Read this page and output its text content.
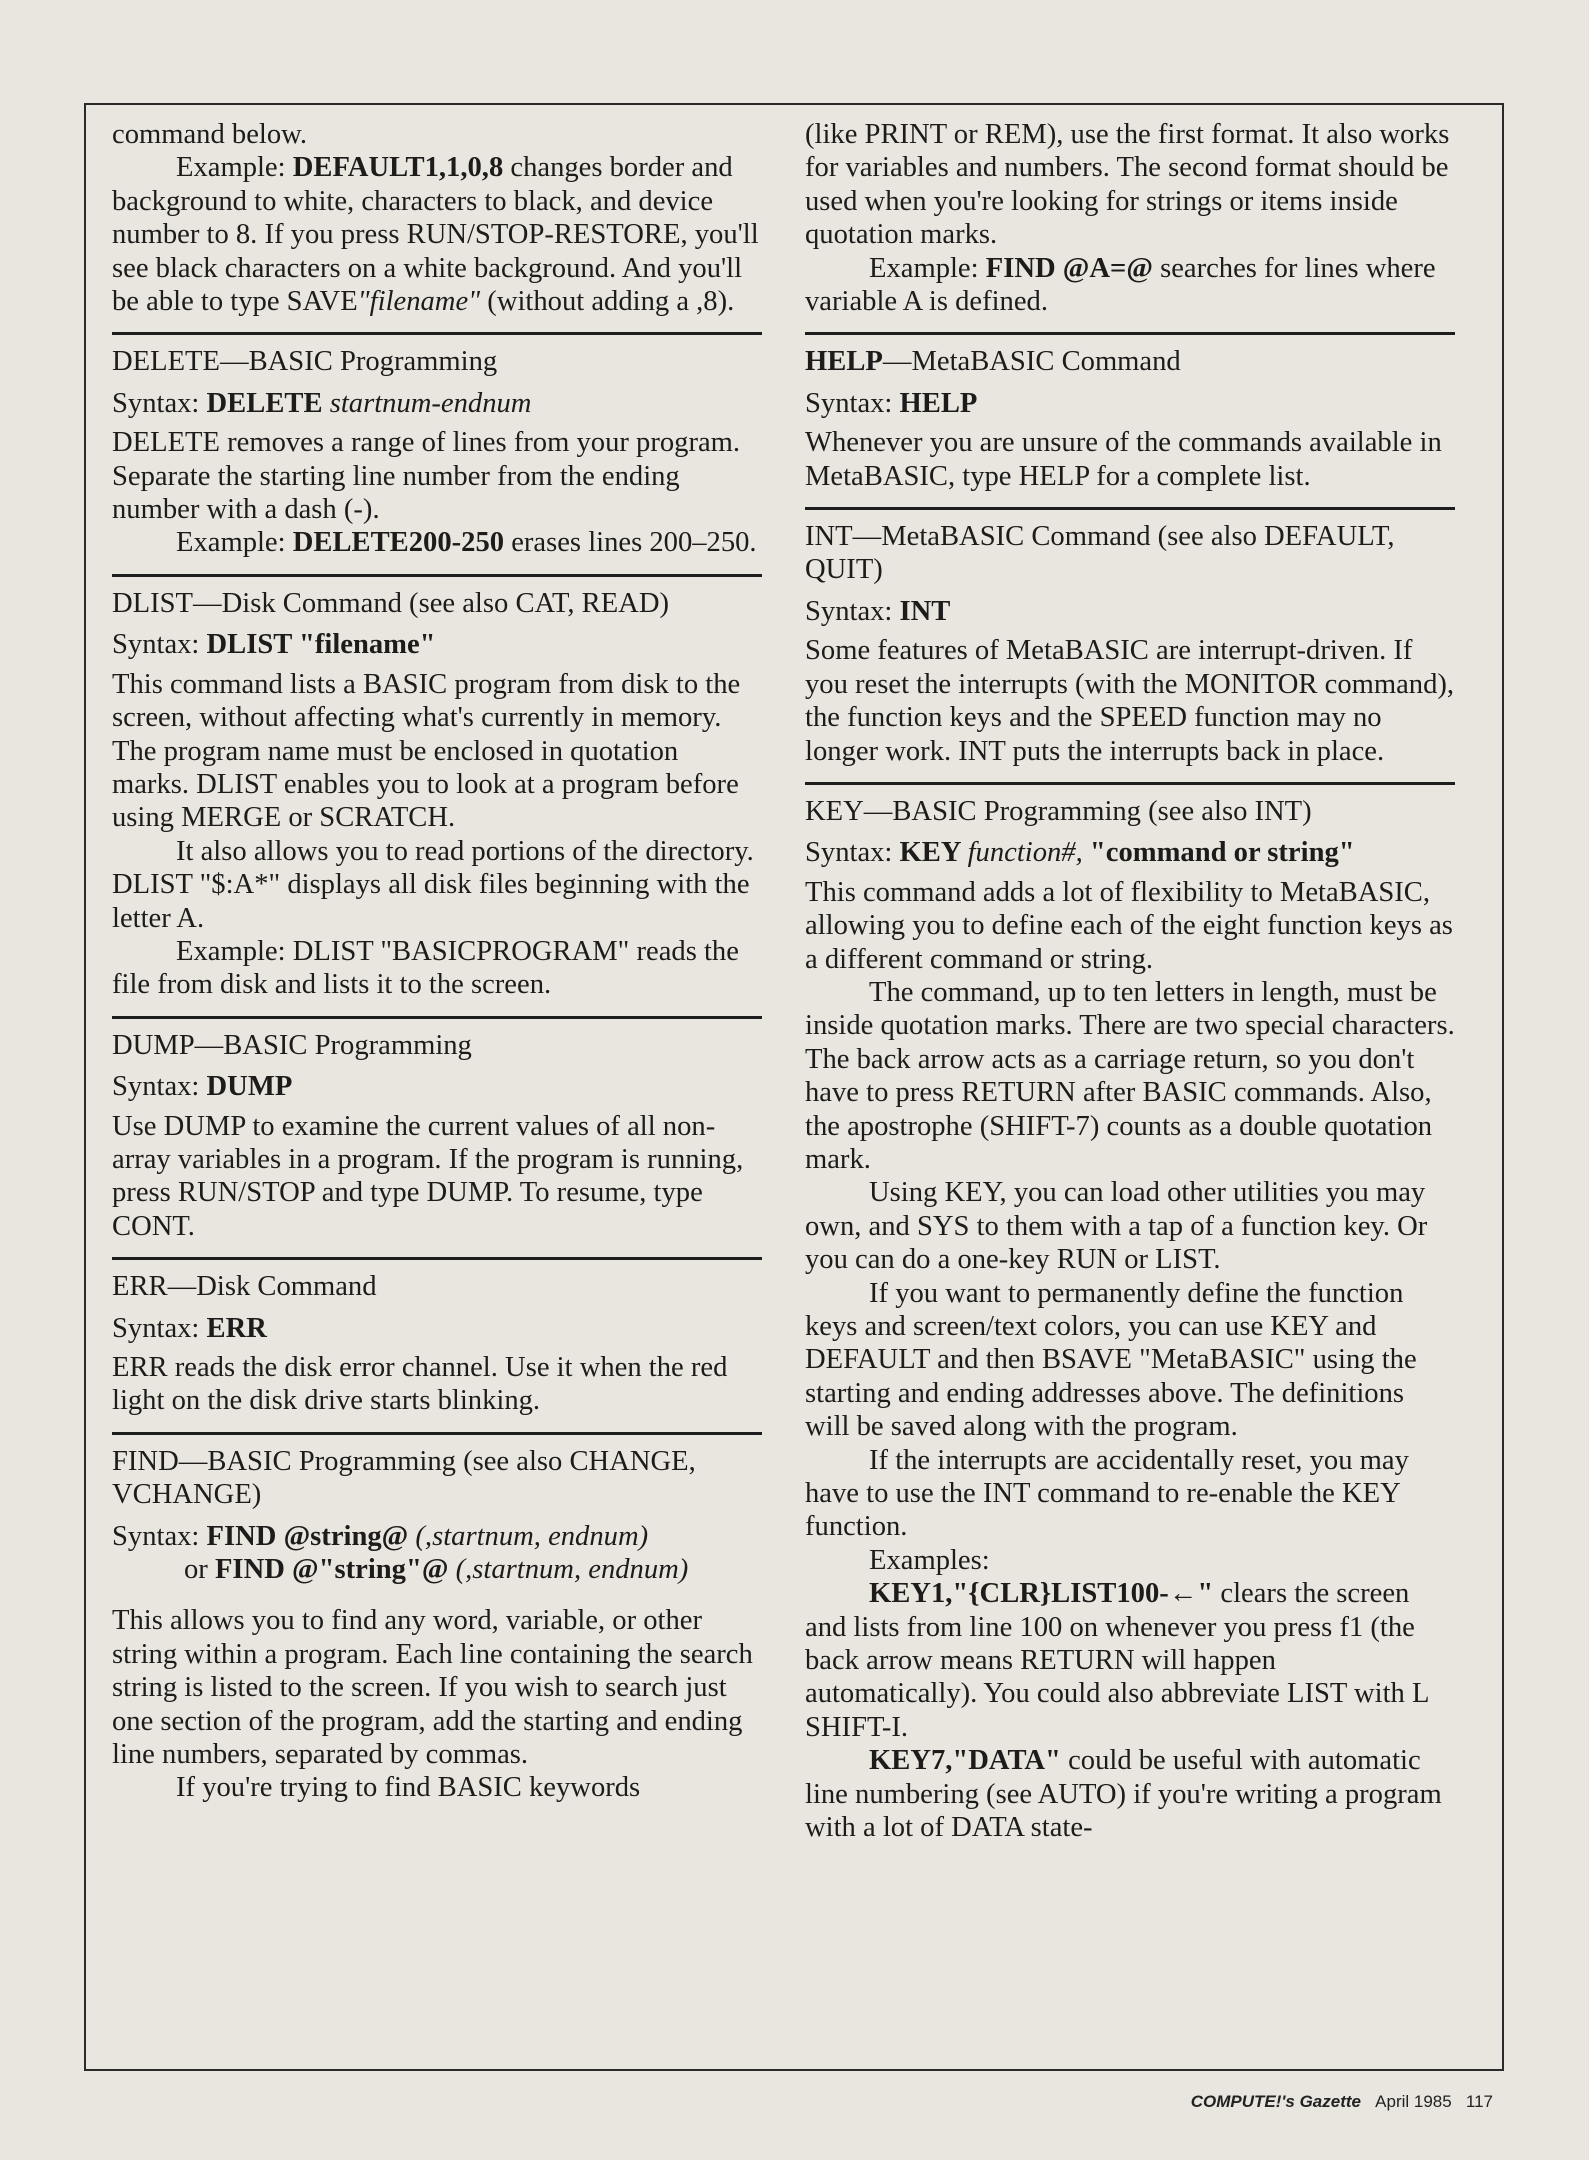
command below.

Example: DEFAULT1,1,0,8 changes border and background to white, characters to black, and device number to 8. If you press RUN/STOP-RESTORE, you'll see black characters on a white background. And you'll be able to type SAVE"filename" (without adding a ,8).

DELETE—BASIC Programming

Syntax: DELETE startnum-endnum

DELETE removes a range of lines from your program. Separate the starting line number from the ending number with a dash (-).

Example: DELETE200-250 erases lines 200–250.

DLIST—Disk Command (see also CAT, READ)

Syntax: DLIST "filename"

This command lists a BASIC program from disk to the screen, without affecting what's currently in memory. The program name must be enclosed in quotation marks. DLIST enables you to look at a program before using MERGE or SCRATCH.

It also allows you to read portions of the directory. DLIST "$:A*" displays all disk files beginning with the letter A.

Example: DLIST "BASICPROGRAM" reads the file from disk and lists it to the screen.

DUMP—BASIC Programming

Syntax: DUMP

Use DUMP to examine the current values of all non-array variables in a program. If the program is running, press RUN/STOP and type DUMP. To resume, type CONT.

ERR—Disk Command

Syntax: ERR

ERR reads the disk error channel. Use it when the red light on the disk drive starts blinking.

FIND—BASIC Programming (see also CHANGE, VCHANGE)

Syntax: FIND @string@ (,startnum, endnum)

or FIND @"string"@ (,startnum, endnum)

This allows you to find any word, variable, or other string within a program. Each line containing the search string is listed to the screen. If you wish to search just one section of the program, add the starting and ending line numbers, separated by commas.

If you're trying to find BASIC keywords

(like PRINT or REM), use the first format. It also works for variables and numbers. The second format should be used when you're looking for strings or items inside quotation marks.

Example: FIND @A=@ searches for lines where variable A is defined.

HELP—MetaBASIC Command

Syntax: HELP

Whenever you are unsure of the commands available in MetaBASIC, type HELP for a complete list.

INT—MetaBASIC Command (see also DEFAULT, QUIT)

Syntax: INT

Some features of MetaBASIC are interrupt-driven. If you reset the interrupts (with the MONITOR command), the function keys and the SPEED function may no longer work. INT puts the interrupts back in place.

KEY—BASIC Programming (see also INT)

Syntax: KEY function#, "command or string"

This command adds a lot of flexibility to MetaBASIC, allowing you to define each of the eight function keys as a different command or string.

The command, up to ten letters in length, must be inside quotation marks. There are two special characters. The back arrow acts as a carriage return, so you don't have to press RETURN after BASIC commands. Also, the apostrophe (SHIFT-7) counts as a double quotation mark.

Using KEY, you can load other utilities you may own, and SYS to them with a tap of a function key. Or you can do a one-key RUN or LIST.

If you want to permanently define the function keys and screen/text colors, you can use KEY and DEFAULT and then BSAVE "MetaBASIC" using the starting and ending addresses above. The definitions will be saved along with the program.

If the interrupts are accidentally reset, you may have to use the INT command to re-enable the KEY function.

Examples:

KEY1,"{CLR}LIST100-←" clears the screen and lists from line 100 on whenever you press f1 (the back arrow means RETURN will happen automatically). You could also abbreviate LIST with L SHIFT-I.

KEY7,"DATA" could be useful with automatic line numbering (see AUTO) if you're writing a program with a lot of DATA state-

COMPUTE!'s Gazette April 1985 117
